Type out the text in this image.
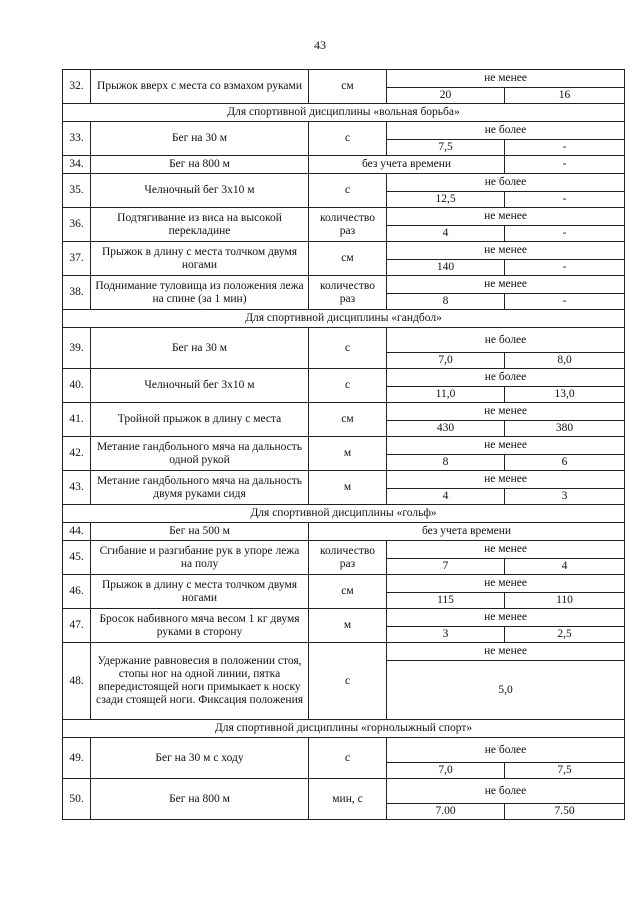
43
32.	Прыжок вверх с места со взмахом руками	см	не менее	
			20	16
Для спортивной дисциплины «вольная борьба»				
33.	Бег на 30 м	с	не более	
			7,5	-
34.	Бег на 800 м	без учета времени		-
35.	Челночный бег 3х10 м	с	не более	
			12,5	-
36.	Подтягивание из виса на высокой перекладине	количество раз	не менее	
			4	-
37.	Прыжок в длину с места толчком двумя ногами	см	не менее	
			140	-
38.	Поднимание туловища из положения лежа на спине (за 1 мин)	количество раз	не менее	
			8	-
Для спортивной дисциплины «гандбол»				
39.	Бег на 30 м	с	не более	
			7,0	8,0
40.	Челночный бег 3х10 м	с	не более	
			11,0	13,0
41.	Тройной прыжок в длину с места	см	не менее	
			430	380
42.	Метание гандбольного мяча на дальность одной рукой	м	не менее	
			8	6
43.	Метание гандбольного мяча на дальность двумя руками сидя	м	не менее	
			4	3
Для спортивной дисциплины «гольф»				
44.	Бег на 500 м	без учета времени		
45.	Сгибание и разгибание рук в упоре лежа на полу	количество раз	не менее	
			7	4
46.	Прыжок в длину с места толчком двумя ногами	см	не менее	
			115	110
47.	Бросок набивного мяча весом 1 кг двумя руками в сторону	м	не менее	
			3	2,5
48.	Удержание равновесия в положении стоя, стопы ног на одной линии, пятка впередистоящей ноги примыкает к носку сзади стоящей ноги. Фиксация положения	с	не менее	
			5,0	
Для спортивной дисциплины «горнолыжный спорт»				
49.	Бег на 30 м с ходу	с	не более	
			7,0	7,5
50.	Бег на 800 м	мин, с	не более	
			7.00	7.50
